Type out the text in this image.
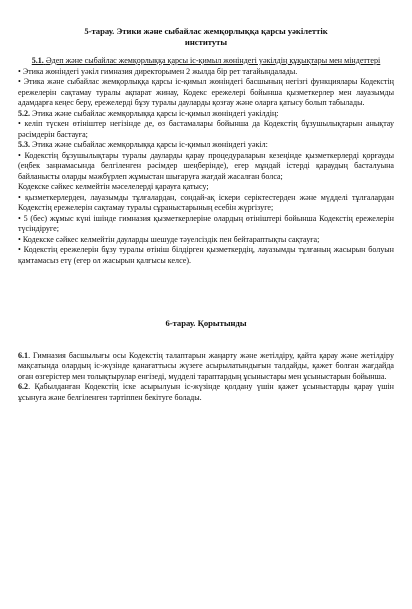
5-тарау. Этики және сыбайлас жемқорлыққа қарсы уәкілеттік
институты
5.1. Әдеп және сыбайлас жемқорлыққа қарсы іс-қимыл жөніндегі уәкілдің құқықтары мен міндеттері

• Этика жөніндегі уәкіл гимназия директорымен 2 жылда бір рет тағайындалады.

• Этика және сыбайлас жемқорлыққа қарсы іс-қимыл жөніндегі басшының негізгі функциялары Кодекстің ережелерін сақтамау туралы ақпарат жинау, Кодекс ережелері бойынша қызметкерлер мен лауазымды адамдарға кеңес беру, ережелерді бұзу туралы дауларды қозғау және оларға қатысу болып табылады.

5.2. Этика және сыбайлас жемқорлыққа қарсы іс-қимыл жөніндегі уәкілдің:

• келіп түскен өтініштер негізінде де, өз бастамалары бойынша да Кодекстің бұзушылықтарын анықтау рәсімдерін бастауға;

5.3. Этика және сыбайлас жемқорлыққа қарсы іс-қимыл жөніндегі уәкіл:

• Кодекстің бұзушылықтары туралы дауларды қарау процедураларын кезеңінде қызметкерлерді қорғауды (еңбек заңнамасында белгіленген рәсімдер шеңберінде), егер мұндай істерді қараудың басталуына байланысты оларды мәжбүрлеп жұмыстан шығаруға жағдай жасалған болса;

Кодекске сәйкес келмейтін мәселелерді қарауға қатысу;

• қызметкерлерден, лауазымды тұлғалардан, сондай-ақ іскери серіктестерден және мүдделі тұлғалардан Кодекстің ережелерін сақтамау туралы сұраныстарының есебін жүргізуге;

• 5 (бес) жұмыс күні ішінде гимназия қызметкерлеріне олардың өтініштері бойынша Кодекстің ережелерін түсіндіруге;

• Кодекске сәйкес келмейтін дауларды шешуде тәуелсіздік пен бейтараптықты сақтауға;

• Кодекстің ережелерін бұзу туралы өтініш білдірген қызметкердің, лауазымды тұлғаның жасырын болуын қамтамасыз етү (егер ол жасырын қалғысы келсе).

6-тарау. Қорытынды

6.1. Гимназия басшылығы осы Кодекстің талаптарын жаңарту және жетілдіру, қайта қарау және жетілдіру мақсатында олардың іс-жүзінде қанағаттысы жүзеге асырылатындығын талдайды, қажет болған жағдайда оған өзгерістер мен толықтырулар енгізеді, мүдделі тараптардың ұсыныстары мен ұсыныстарын бойынша.

6.2. Қабылданған Кодекстің іске асырылуын іс-жүзінде қолдану үшін қажет ұсыныстарды қарау үшін ұсынуға және белгіленген тәртіппен бекітуге болады.
